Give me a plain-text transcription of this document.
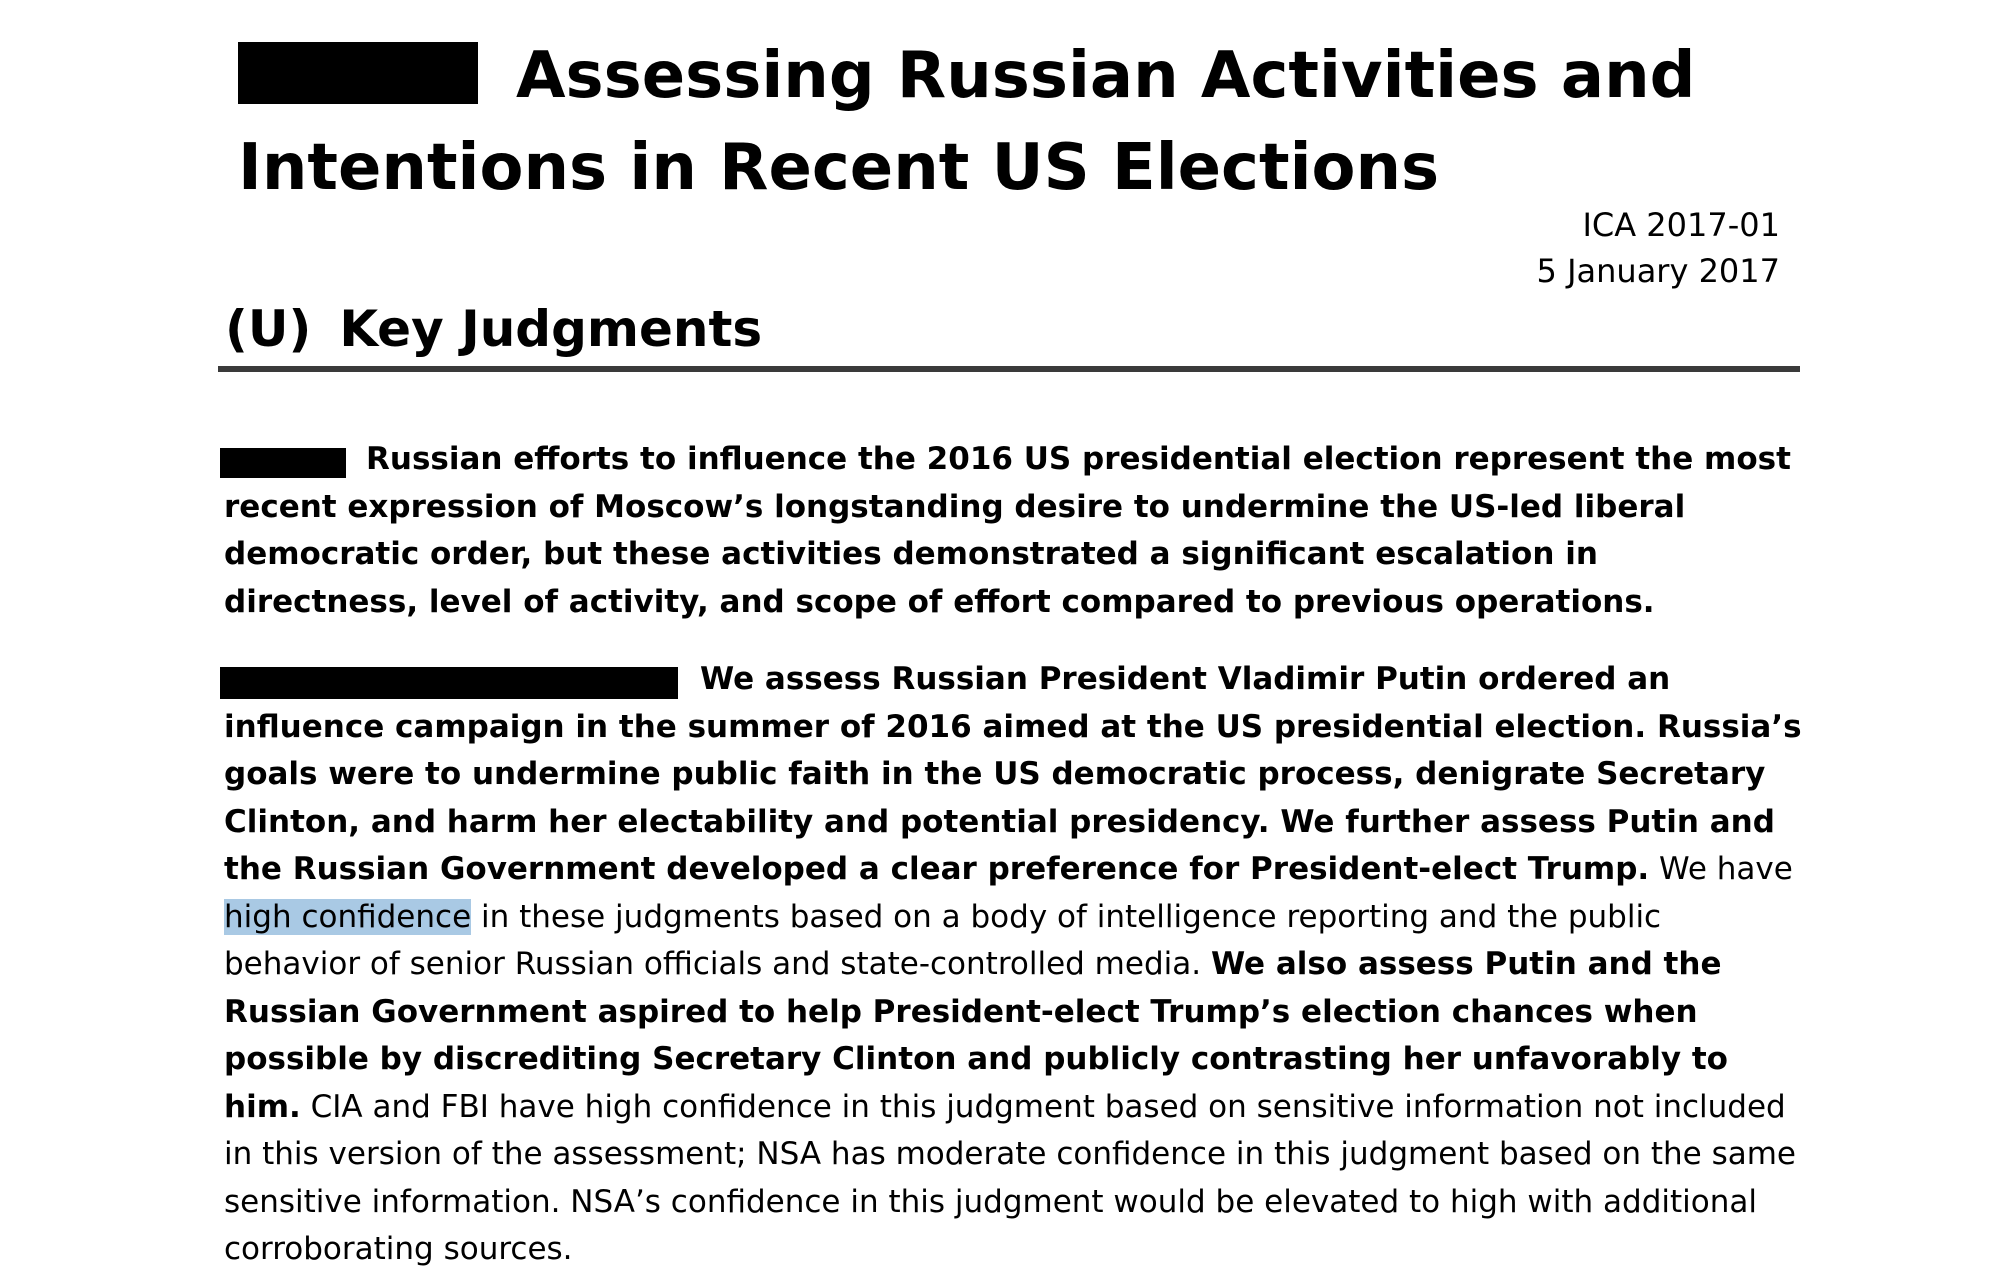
Assessing Russian Activities and
Intentions in Recent US Elections
ICA 2017-01
5 January 2017
(U) Key Judgments
Russian efforts to influence the 2016 US presidential election represent the most recent expression of Moscow’s longstanding desire to undermine the US-led liberal democratic order, but these activities demonstrated a significant escalation in directness, level of activity, and scope of effort compared to previous operations.
We assess Russian President Vladimir Putin ordered an influence campaign in the summer of 2016 aimed at the US presidential election. Russia’s goals were to undermine public faith in the US democratic process, denigrate Secretary Clinton, and harm her electability and potential presidency. We further assess Putin and the Russian Government developed a clear preference for President-elect Trump. We have high confidence in these judgments based on a body of intelligence reporting and the public behavior of senior Russian officials and state-controlled media. We also assess Putin and the Russian Government aspired to help President-elect Trump’s election chances when possible by discrediting Secretary Clinton and publicly contrasting her unfavorably to him. CIA and FBI have high confidence in this judgment based on sensitive information not included in this version of the assessment; NSA has moderate confidence in this judgment based on the same sensitive information. NSA’s confidence in this judgment would be elevated to high with additional corroborating sources.
